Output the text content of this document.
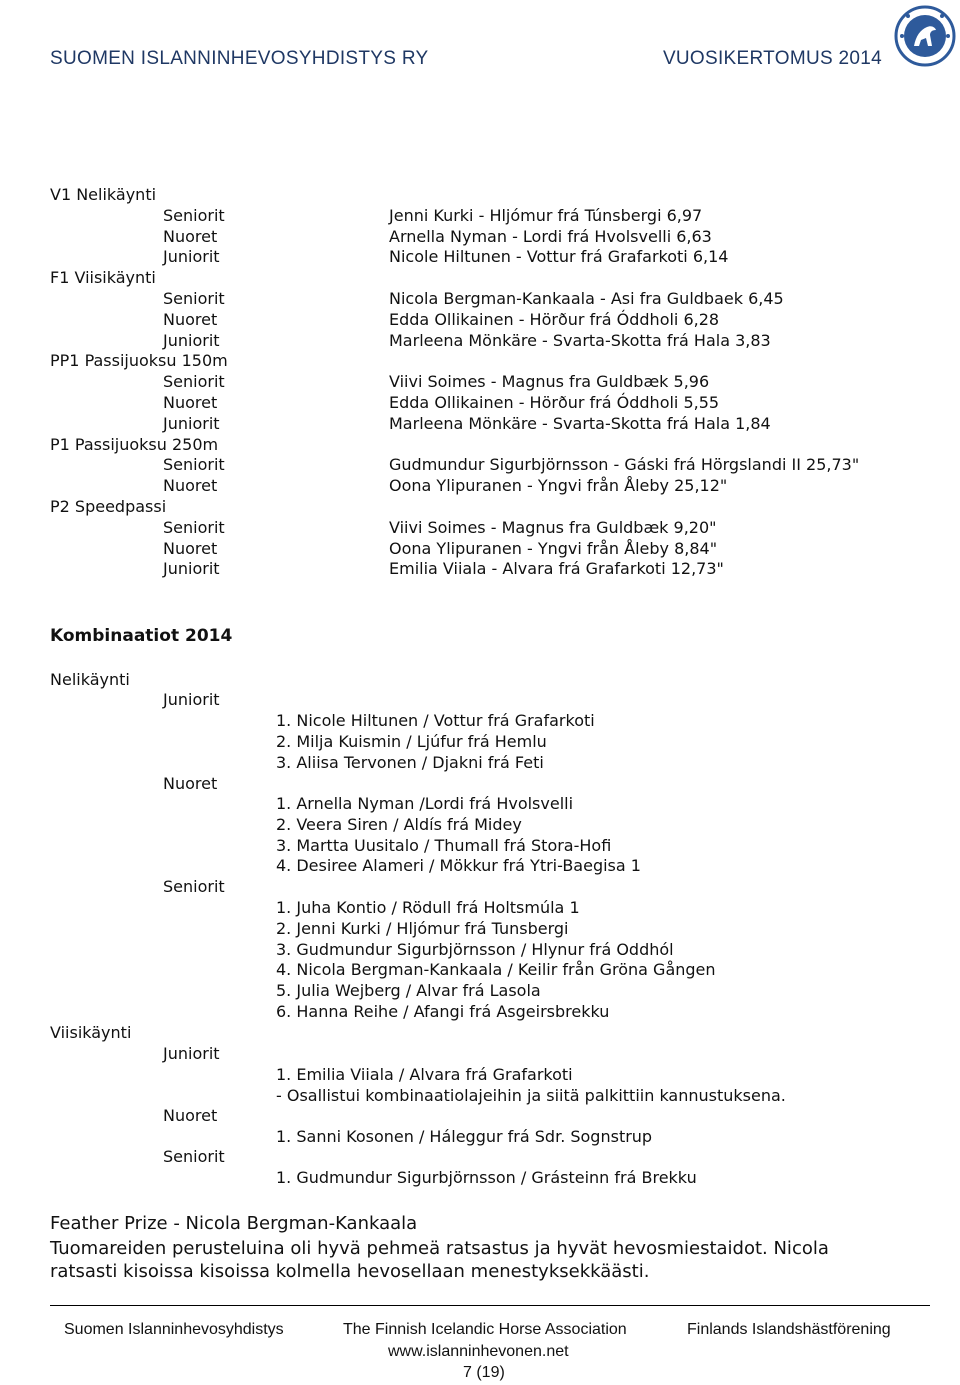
SUOMEN ISLANNINHEVOSYHDISTYS RY	VUOSIKERTOMUS 2014
V1 Nelikäynti
Seniorit	Jenni Kurki - Hljómur frá Túnsbergi 6,97
Nuoret	Arnella Nyman - Lordi frá Hvolsvelli 6,63
Juniorit	Nicole Hiltunen - Vottur frá Grafarkoti 6,14
F1 Viisikäynti
Seniorit	Nicola Bergman-Kankaala - Asi fra Guldbaek 6,45
Nuoret	Edda Ollikainen - Hörður frá Óddholi 6,28
Juniorit	Marleena Mönkäre - Svarta-Skotta frá Hala 3,83
PP1 Passijuoksu 150m
Seniorit	Viivi Soimes - Magnus fra Guldbæk 5,96
Nuoret	Edda Ollikainen - Hörður frá Óddholi 5,55
Juniorit	Marleena Mönkäre - Svarta-Skotta frá Hala 1,84
P1 Passijuoksu 250m
Seniorit	Gudmundur Sigurbjörnsson - Gáski frá Hörgslandi II 25,73"
Nuoret	Oona Ylipuranen - Yngvi från Åleby 25,12"
P2 Speedpassi
Seniorit	Viivi Soimes - Magnus fra Guldbæk 9,20"
Nuoret	Oona Ylipuranen - Yngvi från Åleby 8,84"
Juniorit	Emilia Viiala - Alvara frá Grafarkoti 12,73"
Kombinaatiot 2014
Nelikäynti
Juniorit
1. Nicole Hiltunen / Vottur frá Grafarkoti
2. Milja Kuismin / Ljúfur frá Hemlu
3. Aliisa Tervonen / Djakni frá Feti
Nuoret
1. Arnella Nyman /Lordi frá Hvolsvelli
2. Veera Siren / Aldís frá Midey
3. Martta Uusitalo / Thumall frá Stora-Hofi
4. Desiree Alameri / Mökkur frá Ytri-Baegisa 1
Seniorit
1. Juha Kontio / Rödull frá Holtsmúla 1
2. Jenni Kurki / Hljómur frá Tunsbergi
3. Gudmundur Sigurbjörnsson / Hlynur frá Oddhól
4. Nicola Bergman-Kankaala / Keilir från Gröna Gången
5. Julia Wejberg / Alvar frá Lasola
6. Hanna Reihe / Afangi frá Asgeirsbrekku
Viisikäynti
Juniorit
1. Emilia Viiala / Alvara frá Grafarkoti
- Osallistui kombinaatiolajeihin ja siitä palkittiin kannustuksena.
Nuoret
1. Sanni Kosonen / Háleggur frá Sdr. Sognstrup
Seniorit
1. Gudmundur Sigurbjörnsson / Grásteinn frá Brekku
Feather Prize - Nicola Bergman-Kankaala
Tuomareiden perusteluina oli hyvä pehmeä ratsastus ja hyvät hevosmiestaidot. Nicola
ratsasti kisoissa kisoissa kolmella hevosellaan menestyksekkäästi.
Suomen Islanninhevosyhdistys	The Finnish Icelandic Horse Association	Finlands Islandshästförening
www.islanninhevonen.net
7 (19)
